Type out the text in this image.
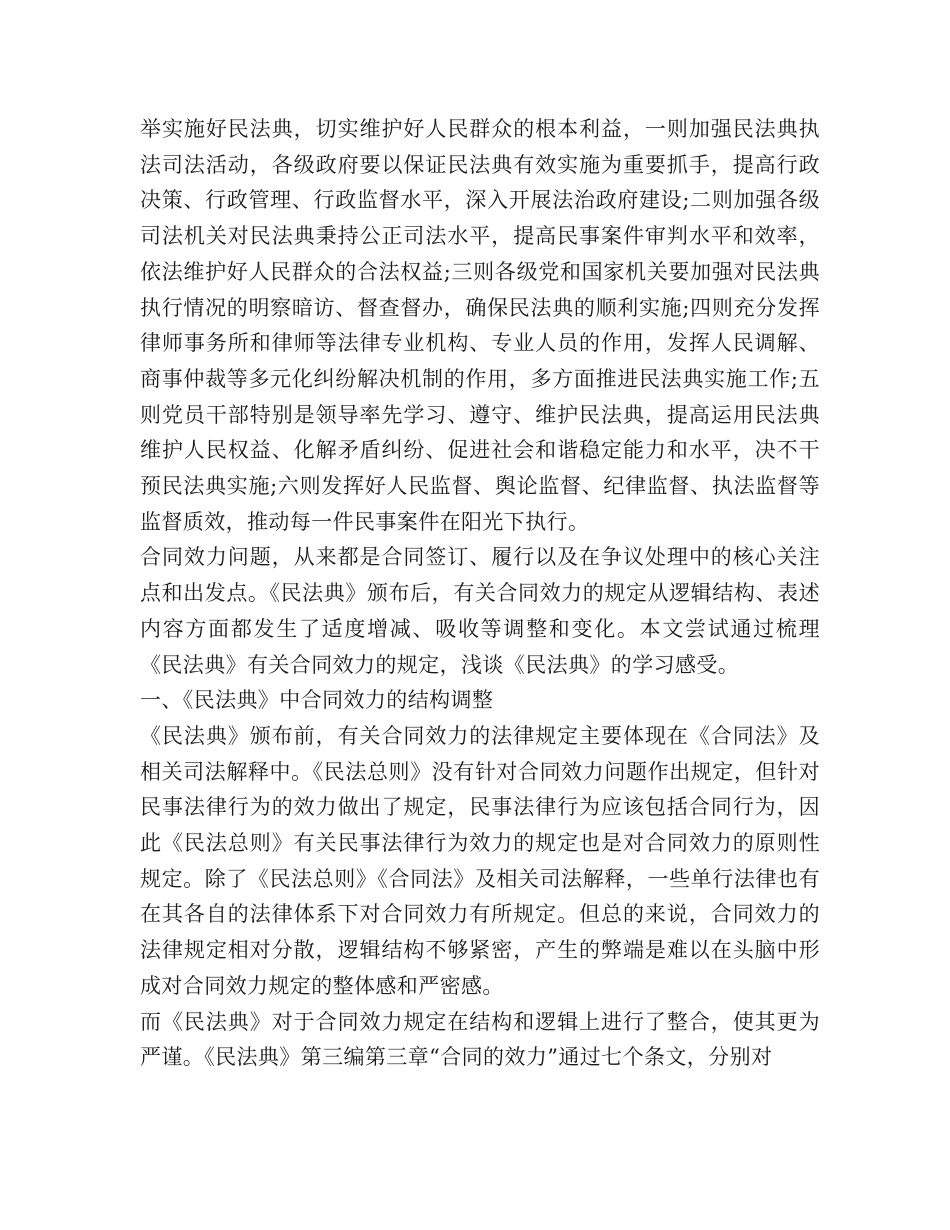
举实施好民法典，切实维护好人民群众的根本利益，一则加强民法典执法司法活动，各级政府要以保证民法典有效实施为重要抓手，提高行政决策、行政管理、行政监督水平，深入开展法治政府建设;二则加强各级司法机关对民法典秉持公正司法水平，提高民事案件审判水平和效率，依法维护好人民群众的合法权益;三则各级党和国家机关要加强对民法典执行情况的明察暗访、督查督办，确保民法典的顺利实施;四则充分发挥律师事务所和律师等法律专业机构、专业人员的作用，发挥人民调解、商事仲裁等多元化纠纷解决机制的作用，多方面推进民法典实施工作;五则党员干部特别是领导率先学习、遵守、维护民法典，提高运用民法典维护人民权益、化解矛盾纠纷、促进社会和谐稳定能力和水平，决不干预民法典实施;六则发挥好人民监督、舆论监督、纪律监督、执法监督等监督质效，推动每一件民事案件在阳光下执行。

合同效力问题，从来都是合同签订、履行以及在争议处理中的核心关注点和出发点。《民法典》颁布后，有关合同效力的规定从逻辑结构、表述内容方面都发生了适度增减、吸收等调整和变化。本文尝试通过梳理《民法典》有关合同效力的规定，浅谈《民法典》的学习感受。

一、《民法典》中合同效力的结构调整

《民法典》颁布前，有关合同效力的法律规定主要体现在《合同法》及相关司法解释中。《民法总则》没有针对合同效力问题作出规定，但针对民事法律行为的效力做出了规定，民事法律行为应该包括合同行为，因此《民法总则》有关民事法律行为效力的规定也是对合同效力的原则性规定。除了《民法总则》《合同法》及相关司法解释，一些单行法律也有在其各自的法律体系下对合同效力有所规定。但总的来说，合同效力的法律规定相对分散，逻辑结构不够紧密，产生的弊端是难以在头脑中形成对合同效力规定的整体感和严密感。

而《民法典》对于合同效力规定在结构和逻辑上进行了整合，使其更为严谨。《民法典》第三编第三章“合同的效力”通过七个条文，分别对
